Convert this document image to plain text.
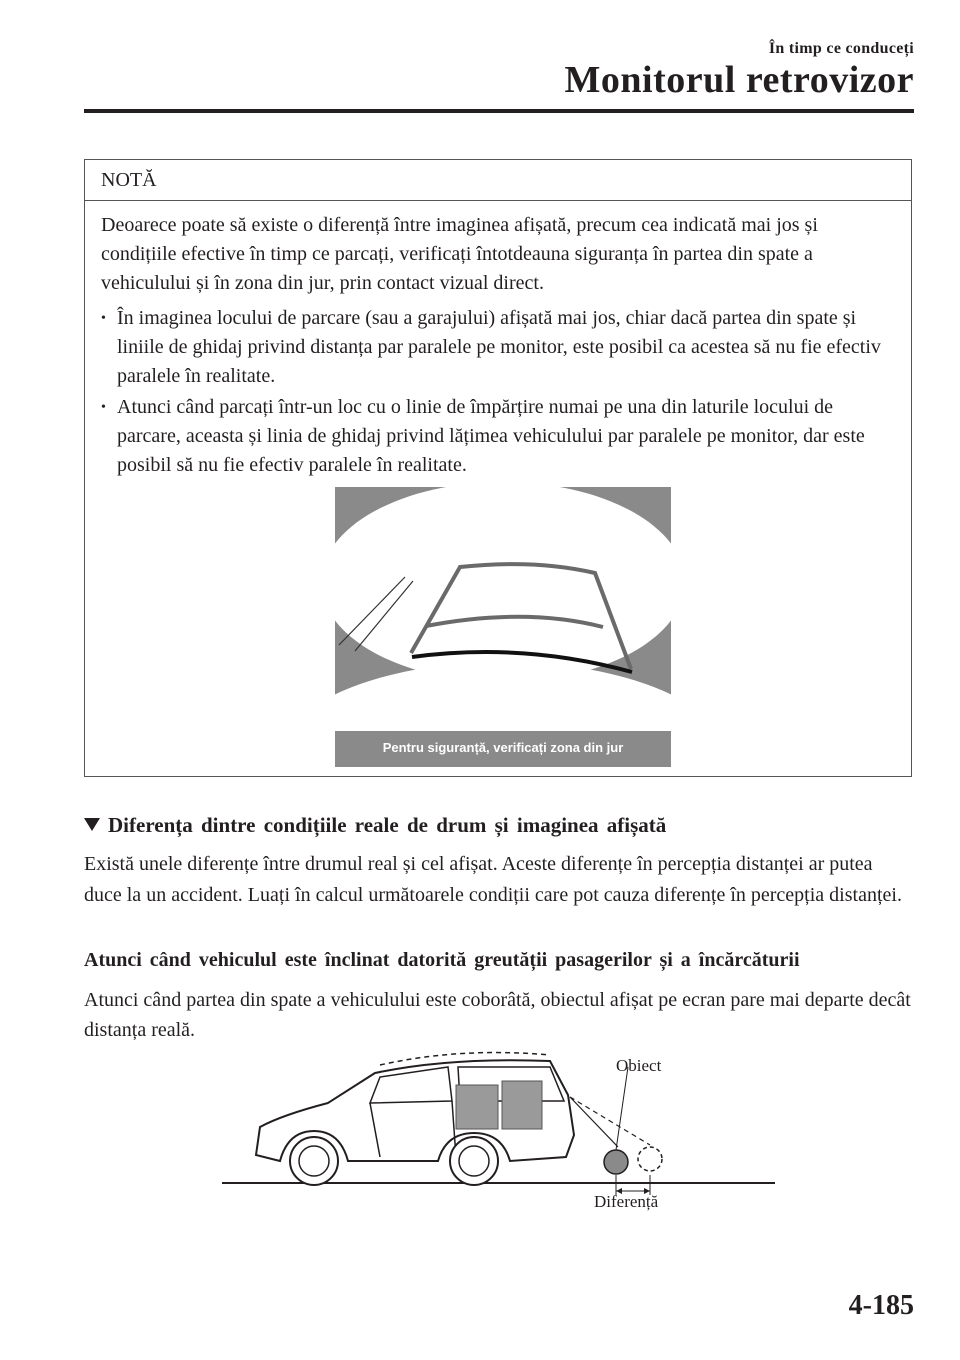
În timp ce conduceți
Monitorul retrovizor
NOTĂ

Deoarece poate să existe o diferență între imaginea afișată, precum cea indicată mai jos și condițiile efective în timp ce parcați, verificați întotdeauna siguranța în partea din spate a vehiculului și în zona din jur, prin contact vizual direct.

• În imaginea locului de parcare (sau a garajului) afișată mai jos, chiar dacă partea din spate și liniile de ghidaj privind distanța par paralele pe monitor, este posibil ca acestea să nu fie efectiv paralele în realitate.
• Atunci când parcați într-un loc cu o linie de împărțire numai pe una din laturile locului de parcare, aceasta și linia de ghidaj privind lățimea vehiculului par paralele pe monitor, dar este posibil să nu fie efectiv paralele în realitate.
Pentru siguranță, verificați zona din jur
Diferența dintre condițiile reale de drum și imaginea afișată
Există unele diferențe între drumul real și cel afișat. Aceste diferențe în percepția distanței ar putea duce la un accident. Luați în calcul următoarele condiții care pot cauza diferențe în percepția distanței.
Atunci când vehiculul este înclinat datorită greutății pasagerilor și a încărcăturii
Atunci când partea din spate a vehiculului este coborâtă, obiectul afișat pe ecran pare mai departe decât distanța reală.
Obiect
Diferență
4-185
